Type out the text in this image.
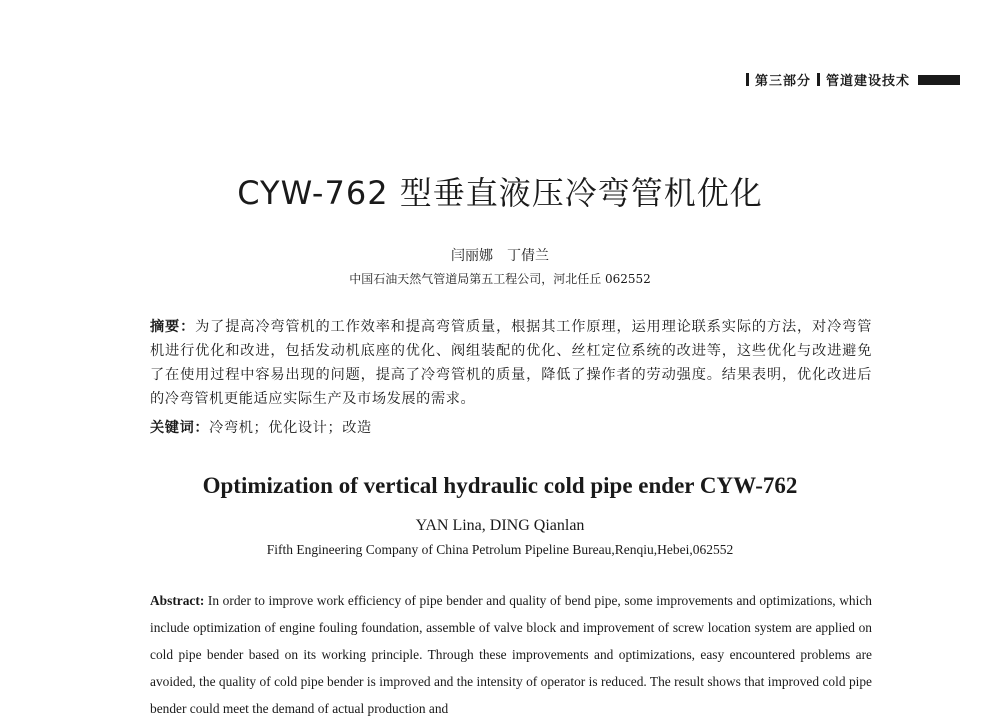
第三部分 管道建设技术
CYW-762 型垂直液压冷弯管机优化
闫丽娜　丁倩兰
中国石油天然气管道局第五工程公司，河北任丘 062552
摘要：为了提高冷弯管机的工作效率和提高弯管质量，根据其工作原理，运用理论联系实际的方法，对冷弯管机进行优化和改进，包括发动机底座的优化、阀组装配的优化、丝杠定位系统的改进等，这些优化与改进避免了在使用过程中容易出现的问题，提高了冷弯管机的质量，降低了操作者的劳动强度。结果表明，优化改进后的冷弯管机更能适应实际生产及市场发展的需求。
关键词：冷弯机；优化设计；改造
Optimization of vertical hydraulic cold pipe ender CYW-762
YAN Lina, DING Qianlan
Fifth Engineering Company of China Petrolum Pipeline Bureau,Renqiu,Hebei,062552
Abstract: In order to improve work efficiency of pipe bender and quality of bend pipe, some improvements and optimizations, which include optimization of engine fouling foundation, assemble of valve block and improvement of screw location system are applied on cold pipe bender based on its working principle. Through these improvements and optimizations, easy encountered problems are avoided, the quality of cold pipe bender is improved and the intensity of operator is reduced. The result shows that improved cold pipe bender could meet the demand of actual production and
